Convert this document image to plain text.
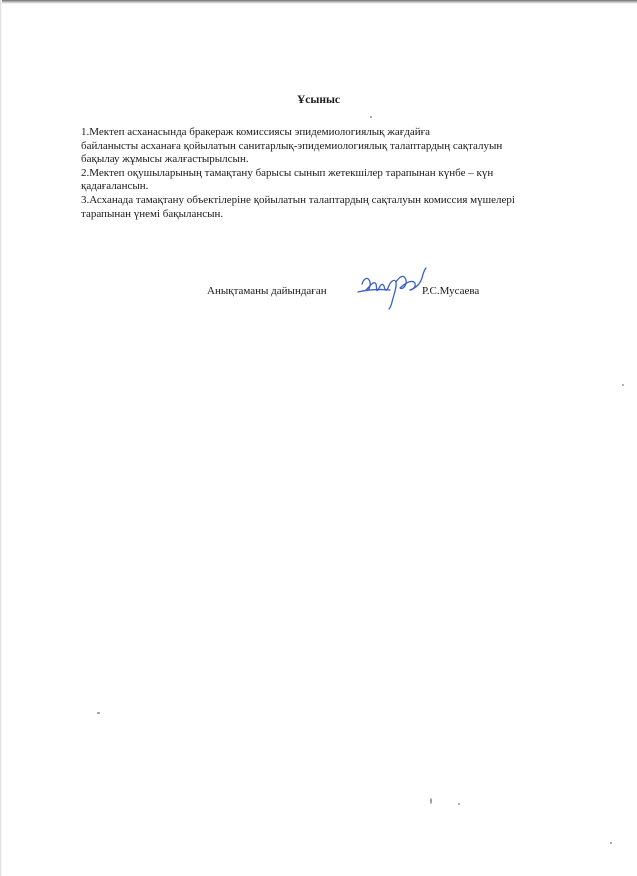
Ұсыныс
1.Мектеп асханасында бракераж комиссиясы эпидемиологиялық жағдайға
байланысты асханаға қойылатын санитарлық-эпидемиологиялық талаптардың сақталуын
бақылау жұмысы жалғастырылсын.
2.Мектеп оқушыларының тамақтану барысы сынып жетекшілер тарапынан күнбе – күн
қадағалансын.
3.Асханада тамақтану объектілеріне қойылатын талаптардың сақталуын комиссия мүшелері
тарапынан үнемі бақылансын.
Анықтаманы дайындаған	Р.С.Мусаева
